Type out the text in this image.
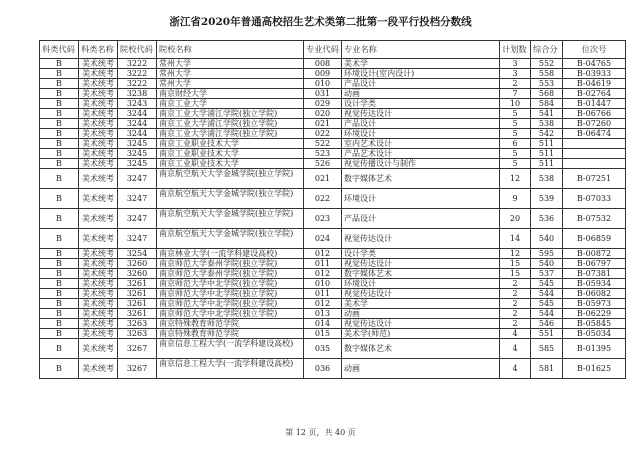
浙江省2020年普通高校招生艺术类第二批第一段平行投档分数线
科类代码	科类名称	院校代码	院校名称	专业代码	专业名称	计划数	综合分	位次号
B	美术统考	3222	常州大学	008	美术学	3	552	B-04765
B	美术统考	3222	常州大学	009	环境设计(室内设计)	3	558	B-03933
B	美术统考	3222	常州大学	010	产品设计	2	553	B-04619
B	美术统考	3238	南京财经大学	031	动画	7	568	B-02764
B	美术统考	3243	南京工业大学	029	设计学类	10	584	B-01447
B	美术统考	3244	南京工业大学浦江学院(独立学院)	020	视觉传达设计	5	541	B-06766
B	美术统考	3244	南京工业大学浦江学院(独立学院)	021	产品设计	5	538	B-07260
B	美术统考	3244	南京工业大学浦江学院(独立学院)	022	环境设计	5	542	B-06474
B	美术统考	3245	南京工业职业技术大学	522	室内艺术设计	6	511	
B	美术统考	3245	南京工业职业技术大学	523	产品艺术设计	5	511	
B	美术统考	3245	南京工业职业技术大学	526	视觉传播设计与制作	5	511	
B	美术统考	3247	南京航空航天大学金城学院(独立学院)	021	数字媒体艺术	12	538	B-07251
B	美术统考	3247	南京航空航天大学金城学院(独立学院)	022	环境设计	9	539	B-07033
B	美术统考	3247	南京航空航天大学金城学院(独立学院)	023	产品设计	20	536	B-07532
B	美术统考	3247	南京航空航天大学金城学院(独立学院)	024	视觉传达设计	14	540	B-06859
B	美术统考	3254	南京林业大学(一流学科建设高校)	012	设计学类	12	595	B-00872
B	美术统考	3260	南京师范大学泰州学院(独立学院)	011	视觉传达设计	15	540	B-06797
B	美术统考	3260	南京师范大学泰州学院(独立学院)	012	数字媒体艺术	15	537	B-07381
B	美术统考	3261	南京师范大学中北学院(独立学院)	010	环境设计	2	545	B-05934
B	美术统考	3261	南京师范大学中北学院(独立学院)	011	视觉传达设计	2	544	B-06082
B	美术统考	3261	南京师范大学中北学院(独立学院)	012	美术学	2	545	B-05973
B	美术统考	3261	南京师范大学中北学院(独立学院)	013	动画	2	544	B-06229
B	美术统考	3263	南京特殊教育师范学院	014	视觉传达设计	2	546	B-05845
B	美术统考	3263	南京特殊教育师范学院	015	美术学(师范)	4	551	B-05034
B	美术统考	3267	南京信息工程大学(一流学科建设高校)	035	数字媒体艺术	4	585	B-01395
B	美术统考	3267	南京信息工程大学(一流学科建设高校)	036	动画	4	581	B-01625
第 12 页，共 40 页
